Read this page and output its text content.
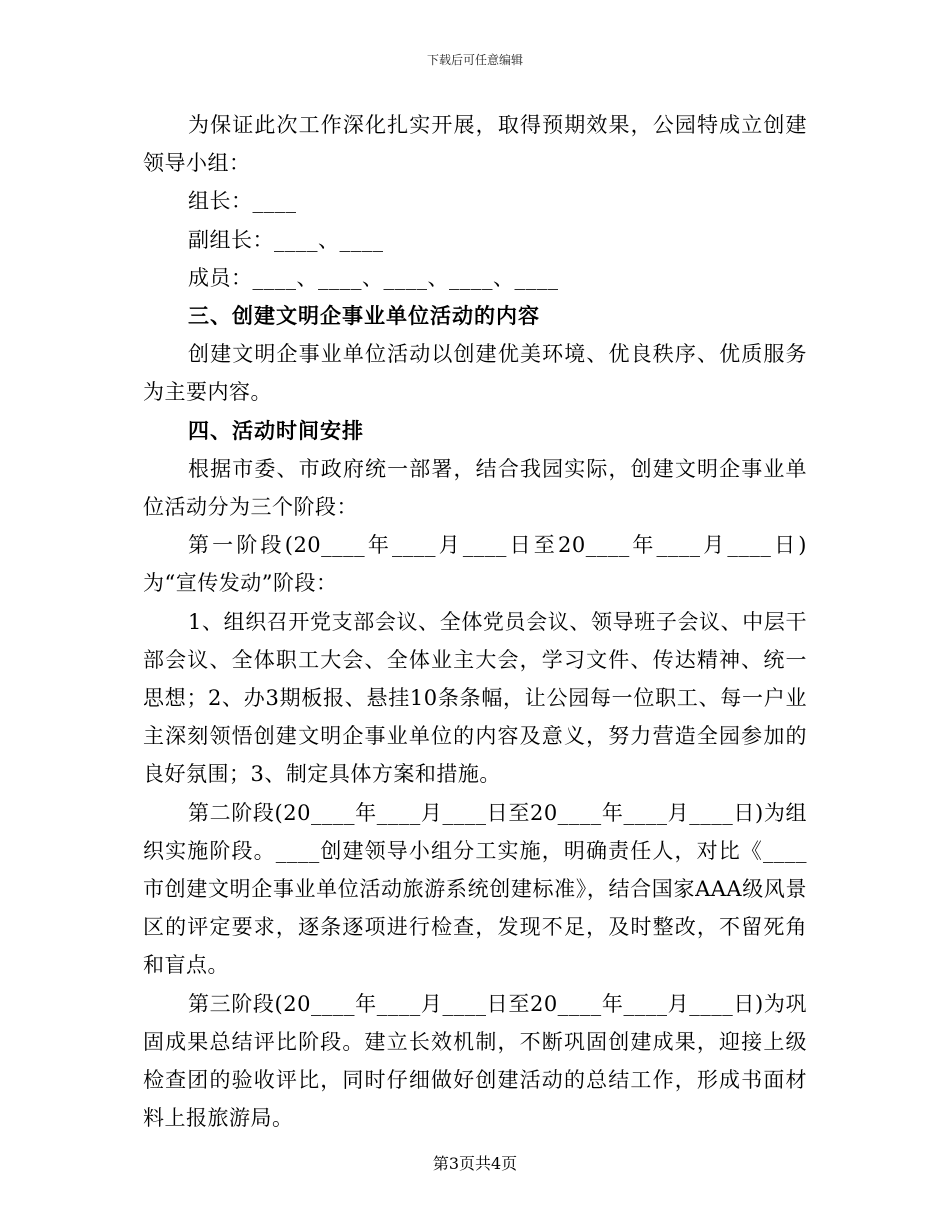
下载后可任意编辑

为保证此次工作深化扎实开展，取得预期效果，公园特成立创建领导小组：

组长：____

副组长：____、____

成员：____、____、____、____、____

三、创建文明企事业单位活动的内容

创建文明企事业单位活动以创建优美环境、优良秩序、优质服务为主要内容。

四、活动时间安排

根据市委、市政府统一部署，结合我园实际，创建文明企事业单位活动分为三个阶段：

第一阶段(20____年____月____日至20____年____月____日)为“宣传发动”阶段：

1、组织召开党支部会议、全体党员会议、领导班子会议、中层干部会议、全体职工大会、全体业主大会，学习文件、传达精神、统一思想；2、办3期板报、悬挂10条条幅，让公园每一位职工、每一户业主深刻领悟创建文明企事业单位的内容及意义，努力营造全园参加的良好氛围；3、制定具体方案和措施。

第二阶段(20____年____月____日至20____年____月____日)为组织实施阶段。____创建领导小组分工实施，明确责任人，对比《____市创建文明企事业单位活动旅游系统创建标准》，结合国家AAA级风景区的评定要求，逐条逐项进行检查，发现不足，及时整改，不留死角和盲点。

第三阶段(20____年____月____日至20____年____月____日)为巩固成果总结评比阶段。建立长效机制，不断巩固创建成果，迎接上级检查团的验收评比，同时仔细做好创建活动的总结工作，形成书面材料上报旅游局。

第3页共4页
